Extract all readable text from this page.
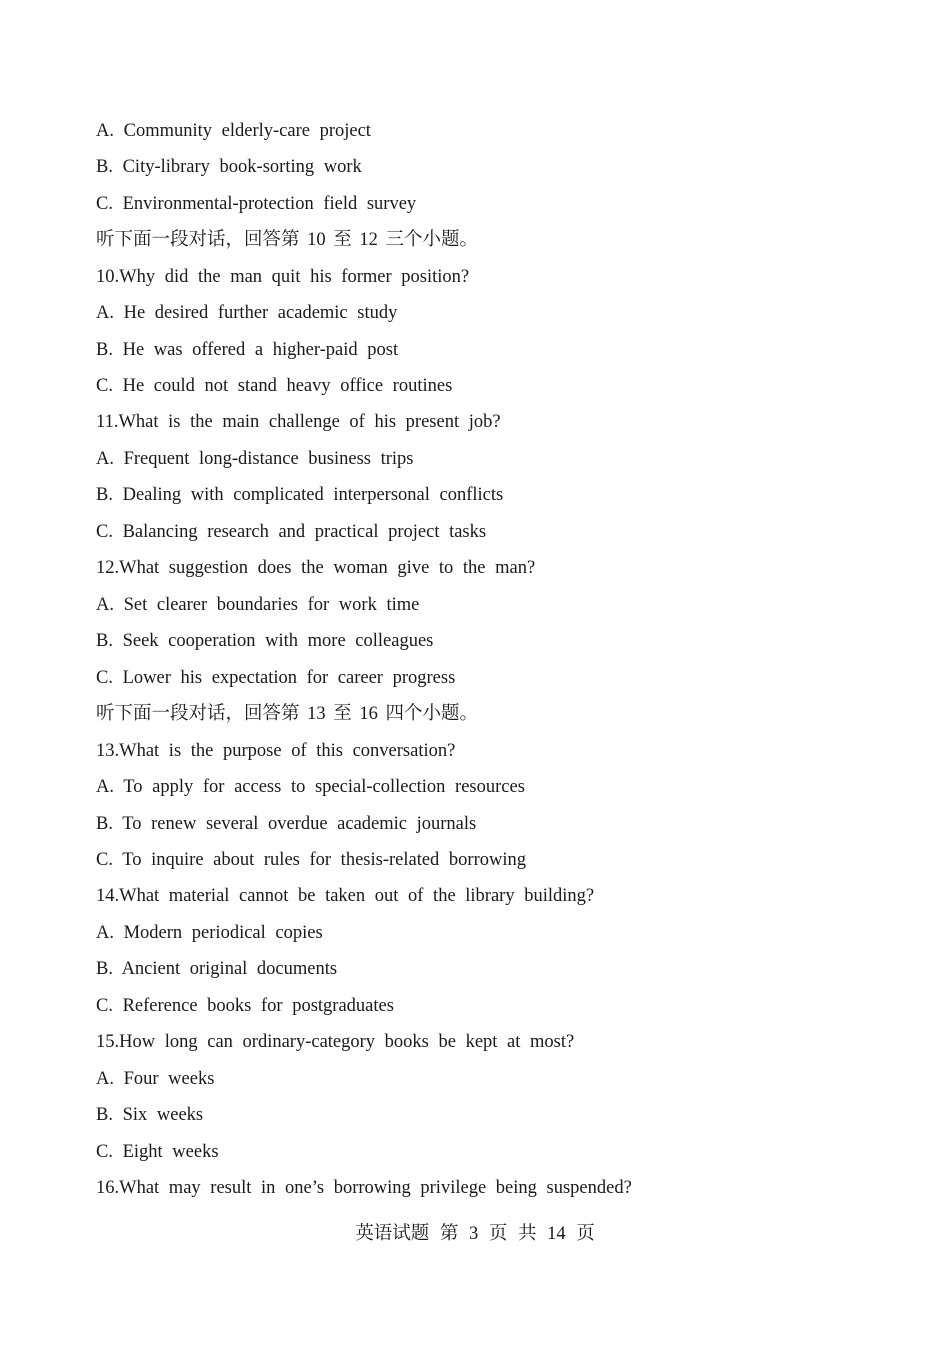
A. Community elderly-care project
B. City-library book-sorting work
C. Environmental-protection field survey
听下面一段对话，回答第 10 至 12 三个小题。
10.Why did the man quit his former position?
A. He desired further academic study
B. He was offered a higher-paid post
C. He could not stand heavy office routines
11.What is the main challenge of his present job?
A. Frequent long-distance business trips
B. Dealing with complicated interpersonal conflicts
C. Balancing research and practical project tasks
12.What suggestion does the woman give to the man?
A. Set clearer boundaries for work time
B. Seek cooperation with more colleagues
C. Lower his expectation for career progress
听下面一段对话，回答第 13 至 16 四个小题。
13.What is the purpose of this conversation?
A. To apply for access to special-collection resources
B. To renew several overdue academic journals
C. To inquire about rules for thesis-related borrowing
14.What material cannot be taken out of the library building?
A. Modern periodical copies
B. Ancient original documents
C. Reference books for postgraduates
15.How long can ordinary-category books be kept at most?
A. Four weeks
B. Six weeks
C. Eight weeks
16.What may result in one’s borrowing privilege being suspended?
英语试题 第 3 页 共 14 页
